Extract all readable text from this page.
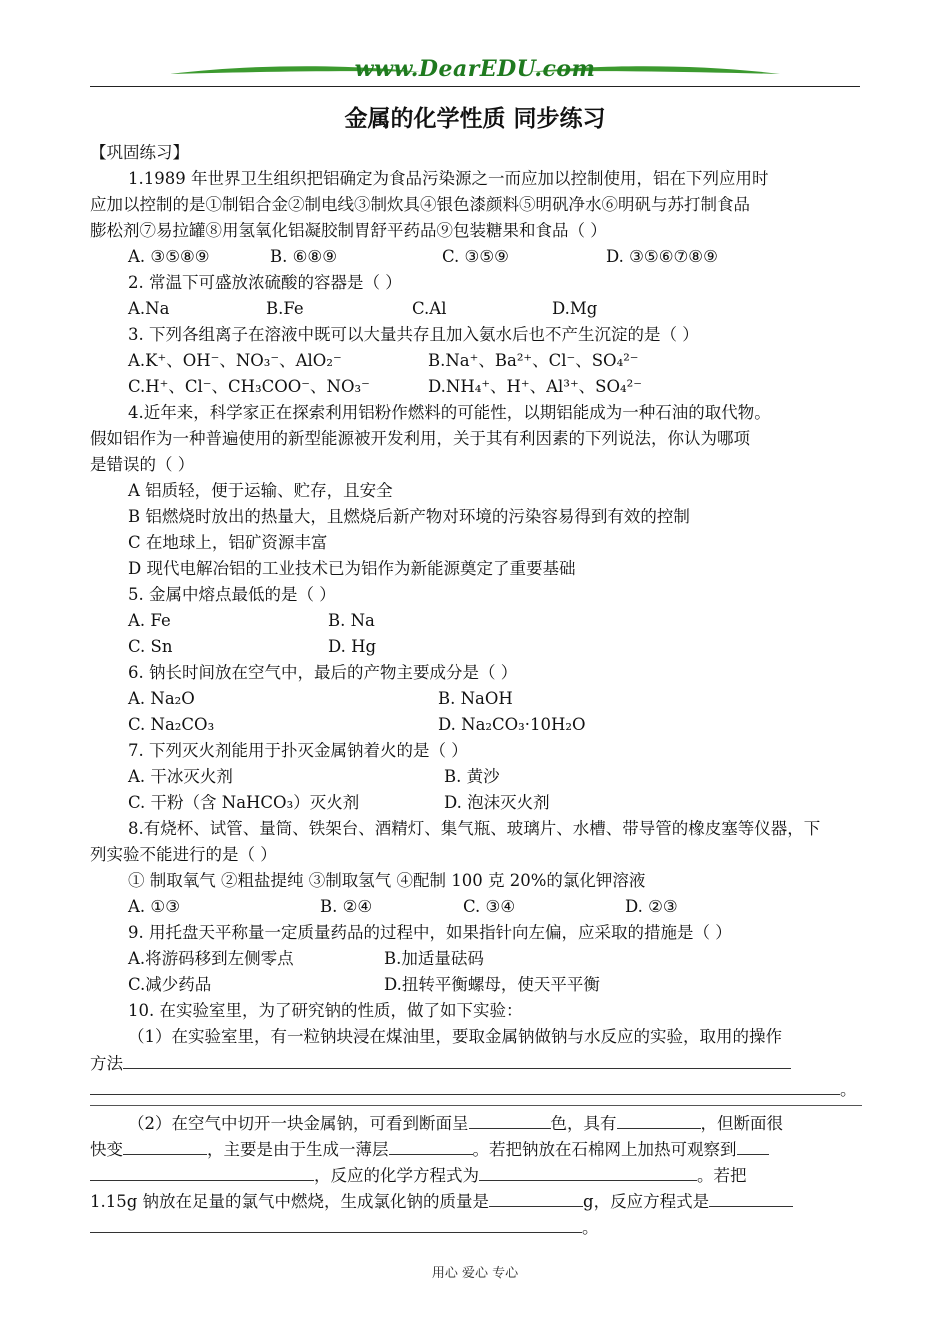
www.DearEDU.com
金属的化学性质 同步练习
【巩固练习】
1.1989 年世界卫生组织把铝确定为食品污染源之一而应加以控制使用，铝在下列应用时
应加以控制的是①制铝合金②制电线③制炊具④银色漆颜料⑤明矾净水⑥明矾与苏打制食品
膨松剂⑦易拉罐⑧用氢氧化铝凝胶制胃舒平药品⑨包装糖果和食品（ ）
A. ③⑤⑧⑨	B. ⑥⑧⑨	C. ③⑤⑨	D. ③⑤⑥⑦⑧⑨
2. 常温下可盛放浓硫酸的容器是（ ）
A.Na	B.Fe	C.Al	D.Mg
3. 下列各组离子在溶液中既可以大量共存且加入氨水后也不产生沉淀的是（ ）
A.K⁺、OH⁻、NO₃⁻、AlO₂⁻	B.Na⁺、Ba²⁺、Cl⁻、SO₄²⁻
C.H⁺、Cl⁻、CH₃COO⁻、NO₃⁻	D.NH₄⁺、H⁺、Al³⁺、SO₄²⁻
4.近年来，科学家正在探索利用铝粉作燃料的可能性，以期铝能成为一种石油的取代物。
假如铝作为一种普遍使用的新型能源被开发利用，关于其有利因素的下列说法，你认为哪项
是错误的（ ）
A 铝质轻，便于运输、贮存，且安全
B 铝燃烧时放出的热量大，且燃烧后新产物对环境的污染容易得到有效的控制
C 在地球上，铝矿资源丰富
D 现代电解冶铝的工业技术已为铝作为新能源奠定了重要基础
5. 金属中熔点最低的是（ ）
A. Fe	B. Na
C. Sn	D. Hg
6. 钠长时间放在空气中，最后的产物主要成分是（ ）
A. Na₂O	B. NaOH
C. Na₂CO₃	D. Na₂CO₃·10H₂O
7. 下列灭火剂能用于扑灭金属钠着火的是（ ）
A. 干冰灭火剂	B. 黄沙
C. 干粉（含 NaHCO₃）灭火剂	D. 泡沫灭火剂
8.有烧杯、试管、量筒、铁架台、酒精灯、集气瓶、玻璃片、水槽、带导管的橡皮塞等仪器，下
列实验不能进行的是（ ）
① 制取氧气 ②粗盐提纯 ③制取氢气 ④配制 100 克 20%的氯化钾溶液
A. ①③	B. ②④	C. ③④	D. ②③
9. 用托盘天平称量一定质量药品的过程中，如果指针向左偏，应采取的措施是（ ）
A.将游码移到左侧零点	B.加适量砝码
C.减少药品	D.扭转平衡螺母，使天平平衡
10. 在实验室里，为了研究钠的性质，做了如下实验：
（1）在实验室里，有一粒钠块浸在煤油里，要取金属钠做钠与水反应的实验，取用的操作
方法
。
（2）在空气中切开一块金属钠，可看到断面呈	色，具有	，但断面很
快变	，主要是由于生成一薄层	。若把钠放在石棉网上加热可观察到
，反应的化学方程式为	。若把
1.15g 钠放在足量的氯气中燃烧，生成氯化钠的质量是	g，反应方程式是
。
用心 爱心 专心
